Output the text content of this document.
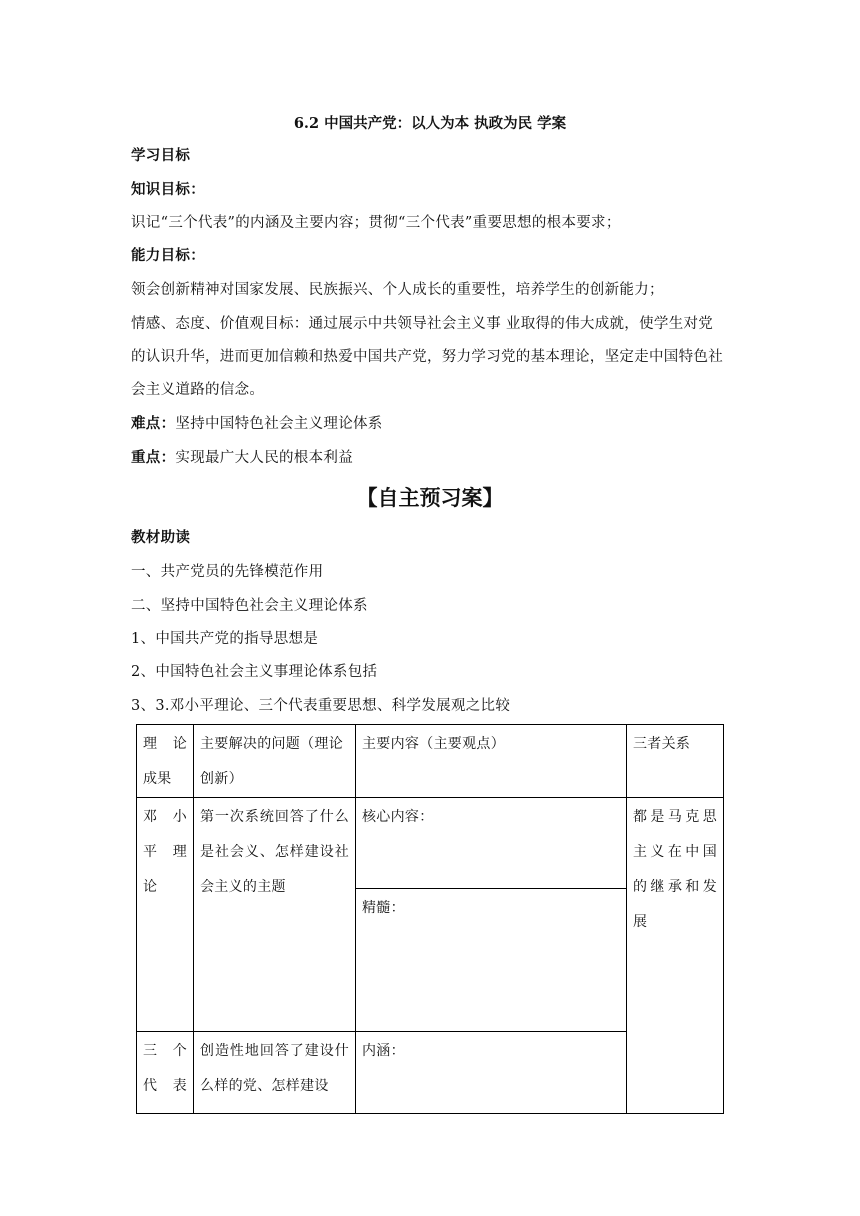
6.2 中国共产党：以人为本 执政为民 学案
学习目标
知识目标：
识记“三个代表”的内涵及主要内容；贯彻“三个代表”重要思想的根本要求；
能力目标：
领会创新精神对国家发展、民族振兴、个人成长的重要性，培养学生的创新能力；
情感、态度、价值观目标：通过展示中共领导社会主义事 业取得的伟大成就，使学生对党
的认识升华，进而更加信赖和热爱中国共产党，努力学习党的基本理论，坚定走中国特色社
会主义道路的信念。
难点：坚持中国特色社会主义理论体系
重点：实现最广大人民的根本利益
【自主预习案】
教材助读
一、共产党员的先锋模范作用
二、坚持中国特色社会主义理论体系
1、中国共产党的指导思想是
2、中国特色社会主义事理论体系包括
3、3.邓小平理论、三个代表重要思想、科学发展观之比较
理 论
成果	主要解决的问题（理论创新）	主要内容（主要观点）	三者关系

邓 小
平 理
论	第一次系统回答了什么是社会义、怎样建设社会主义的主题	核心内容：	都是马克思主义在中国的继承和发展
		精髓：	

三 个
代 表	创造性地回答了建设什么样的党、怎样建设	内涵：	
